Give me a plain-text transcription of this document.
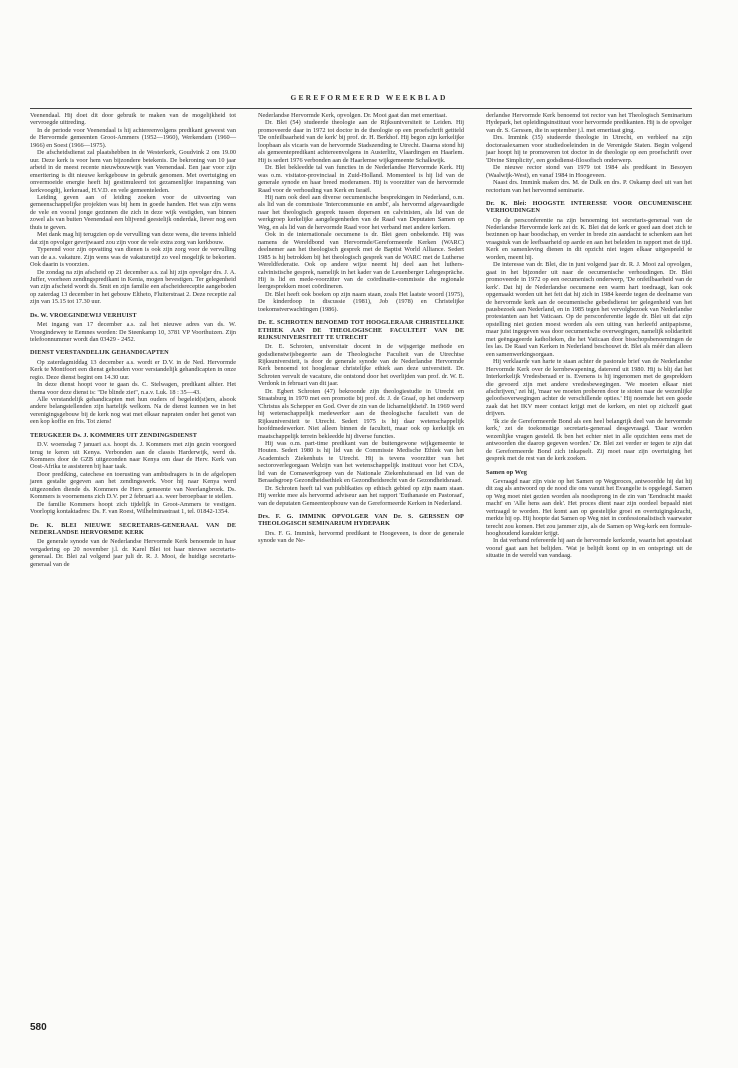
GEREFORMEERD WEEKBLAD

Veenendaal. Hij doet dit door gebruik te maken van de mogelijkheid tot vervroegde uittreding.

In de periode voor Veenendaal is hij achtereenvolgens predikant geweest van de Hervormde gemeenten Groot-Ammers (1952—1960), Werkendam (1960—1966) en Soest (1966—1975).

De afscheidsdienst zal plaatshebben in de Westerkerk, Goudvink 2 om 19.00 uur. Deze kerk is voor hem van bijzondere betekenis. De bekroning van 10 jaar arbeid in de meest recente nieuwbouwwijk van Veenendaal. Een jaar voor zijn emeritering is dit nieuwe kerkgebouw in gebruik genomen. Met overtuiging en onvermoeide energie heeft hij gestimuleerd tot gezamenlijke inspanning van kerkvoogdij, kerkeraad, H.V.D. en vele gemeenteleden.

Leiding geven aan of leiding zoeken voor de uitvoering van gemeenschappelijke projekten was bij hem in goede handen. Het was zijn wens de vele en vooral jonge gezinnen die zich in deze wijk vestigden, van binnen zowel als van buiten Veenendaal een blijvend geestelijk onderdak, liever nog een thuis te geven.

Met dank mag hij terugzien op de vervulling van deze wens, die tevens inhield dat zijn opvolger gevrijwaard zou zijn voor de vele extra zorg van kerkbouw.

Typerend voor zijn opvatting van dienen is ook zijn zorg voor de vervulling van de a.s. vakature. Zijn wens was de vakaturetijd zo veel mogelijk te bekorten. Ook daarin is voorzien.

De zondag na zijn afscheid op 21 december a.s. zal hij zijn opvolger drs. J. A. Juffer, voorheen zendingspredikant in Kenia, mogen bevestigen. Ter gelegenheid van zijn afscheid wordt ds. Smit en zijn familie een afscheidsreceptie aangeboden op zaterdag 13 december in het gebouw Eltheto, Fluiterstraat 2. Deze receptie zal zijn van 15.15 tot 17.30 uur.

Ds. W. VROEGINDEWIJ VERHUIST

Met ingang van 17 december a.s. zal het nieuwe adres van ds. W. Vroegindewey te Eemnes worden: De Steenkamp 10, 3781 VP Voorthuizen. Zijn telefoonnummer wordt dan 03429 - 2452.

DIENST VERSTANDELIJK GEHANDICAPTEN

Op zaterdagmiddag 13 december a.s. wordt er D.V. in de Ned. Hervormde Kerk te Montfoort een dienst gehouden voor verstandelijk gehandicapten in onze regio. Deze dienst begint om 14.30 uur.

In deze dienst hoopt voor te gaan ds. C. Stelwagen, predikant alhier. Het thema voor deze dienst is: "De blinde ziet", n.a.v. Luk. 18 : 35—43.

Alle verstandelijk gehandicapten met hun ouders of begeleid(st)ers, alsook andere belangstellenden zijn hartelijk welkom. Na de dienst kunnen we in het verenigingsgebouw bij de kerk nog wat met elkaar napraten onder het genot van een kop koffie en fris. Tot ziens!

TERUGKEER Ds. J. KOMMERS UIT ZENDINGSDIENST

D.V. woensdag 7 januari a.s. hoopt ds. J. Kommers met zijn gezin voorgoed terug te keren uit Kenya. Verbonden aan de classis Harderwijk, werd ds. Kommers door de GZB uitgezonden naar Kenya om daar de Herv. Kerk van Oost-Afrika te assisteren bij haar taak.

Door prediking, catechese en toerusting van ambtsdragers is in de afgelopen jaren gestalte gegeven aan het zendingswerk. Voor hij naar Kenya werd uitgezonden diende ds. Kommers de Herv. gemeente van Neerlangbroek. Ds. Kommers is voornemens zich D.V. per 2 februari a.s. weer beroepbaar te stellen.

De familie Kommers hoopt zich tijdelijk in Groot-Ammers te vestigen. Voorlopig kontaktadres: Ds. F. van Roest, Wilhelminastraat 1, tel. 01842-1354.

Dr. K. BLEI NIEUWE SECRETARIS-GENERAAL VAN DE NEDERLANDSE HERVORMDE KERK

De generale synode van de Nederlandse Hervormde Kerk benoemde in haar vergadering op 20 november j.l. dr. Karel Blei tot haar nieuwe secretaris-generaal. Dr. Blei zal volgend jaar juli dr. R. J. Mooi, de huidige secretaris-generaal van de

Nederlandse Hervormde Kerk, opvolgen. Dr. Mooi gaat dan met emeritaat.

Dr. Blei (54) studeerde theologie aan de Rijksuniversiteit te Leiden. Hij promoveerde daar in 1972 tot doctor in de theologie op een proefschrift getiteld 'De onfeilbaarheid van de kerk' bij prof. dr. H. Berkhof. Hij begon zijn kerkelijke loopbaan als vicaris van de hervormde Stadszending te Utrecht. Daarna stond hij als gemeentepredikant achtereenvolgens in Austerlitz, Vlaardingen en Haarlem. Hij is sedert 1976 verbonden aan de Haarlemse wijkgemeente Schalkwijk.

Dr. Blei bekleedde tal van functies in de Nederlandse Hervormde Kerk. Hij was o.m. visitator-provinciaal in Zuid-Holland. Momenteel is hij lid van de generale synode en haar breed moderamen. Hij is voorzitter van de hervormde Raad voor de verhouding van Kerk en Israël.

Hij nam ook deel aan diverse oecumenische besprekingen in Nederland, o.m. als lid van de commissie 'Intercommunie en ambt', als hervormd afgevaardigde naar het theologisch gesprek tussen dopersen en calvinisten, als lid van de werkgroep kerkelijke aangelegenheden van de Raad van Deputaten Samen op Weg, en als lid van de hervormde Raad voor het verband met andere kerken.

Ook in de internationale oecumene is dr. Blei geen onbekende. Hij was namens de Wereldbond van Hervormde/Gereformeerde Kerken (WARC) deelnemer aan het theologisch gesprek met de Baptist World Alliance. Sedert 1985 is hij betrokken bij het theologisch gesprek van de WARC met de Lutherse Wereldfederatie. Ook op andere wijze neemt hij deel aan het luthers-calvinistische gesprek, namelijk in het kader van de Leuenberger Lehrgespräche. Hij is lid en mede-voorzitter van de coördinatie-commissie die regionale leergesprekken moet coördineren.

Dr. Blei heeft ook boeken op zijn naam staan, zoals Het laatste woord (1975), De kinderdoop in discussie (1981), Job (1978) en Christelijke toekomstverwachtingen (1986).

Dr. E. SCHROTEN BENOEMD TOT HOOGLERAAR CHRISTELIJKE ETHIEK AAN DE THEOLOGISCHE FACULTEIT VAN DE RIJKSUNIVERSITEIT TE UTRECHT

Dr. E. Schroten, universitair docent in de wijsgerige methode en godsdienstwijsbegeerte aan de Theologische Faculteit van de Utrechtse Rijksuniversiteit, is door de generale synode van de Nederlandse Hervormde Kerk benoemd tot hoogleraar christelijke ethiek aan deze universiteit. Dr. Schroten vervult de vacature, die ontstond door het overlijden van prof. dr. W. E. Verdonk in februari van dit jaar.

Dr. Egbert Schroten (47) bekroonde zijn theologiestudie in Utrecht en Straatsburg in 1970 met een promotie bij prof. dr. J. de Graaf, op het onderwerp 'Christus als Schepper en God. Over de zin van de lichamelijkheid'. In 1969 werd hij wetenschappelijk medewerker aan de theologische faculteit van de Rijksuniversiteit te Utrecht. Sedert 1975 is hij daar wetenschappelijk hoofdmedewerker. Niet alleen binnen de faculteit, maar ook op kerkelijk en maatschappelijk terrein bekleedde hij diverse functies.

Hij was o.m. part-time predikant van de buitengewone wijkgemeente te Houten. Sedert 1980 is hij lid van de Commissie Medische Ethiek van het Academisch Ziekenhuis te Utrecht. Hij is tevens voorzitter van het sectoroverlegorgaan Welzijn van het wetenschappelijk instituut voor het CDA, lid van de Comawerkgroep van de Nationale Ziekenhuisraad en lid van de Beraadsgroep Gezondheidsethiek en Gezondheidsrecht van de Gezondheidsraad.

Dr. Schroten heeft tal van publikaties op ethisch gebied op zijn naam staan. Hij werkte mee als hervormd adviseur aan het rapport 'Euthanasie en Pastoraat', van de deputaten Gemeenteopbouw van de Gereformeerde Kerken in Nederland.

Drs. F. G. IMMINK OPVOLGER VAN Dr. S. GERSSEN OP THEOLOGISCH SEMINARIUM HYDEPARK

Drs. F. G. Immink, hervormd predikant te Hoogeveen, is door de generale synode van de Ne-

derlandse Hervormde Kerk benoemd tot rector van het Theologisch Seminarium Hydepark, het opleidingsinstituut voor hervormde predikanten. Hij is de opvolger van dr. S. Gerssen, die in september j.l. met emeritaat ging.

Drs. Immink (35) studeerde theologie in Utrecht, en verbleef na zijn doctoraalexamen voor studiedoeleinden in de Verenigde Staten. Begin volgend jaar hoopt hij te promoveren tot doctor in de theologie op een proefschrift over 'Divine Simplicity', een godsdienst-filosofisch onderwerp.

De nieuwe rector stond van 1979 tot 1984 als predikant in Besoyen (Waalwijk-West), en vanaf 1984 in Hoogeveen.

Naast drs. Immink maken drs. M. de Dulk en drs. P. Oskamp deel uit van het rectorium van het hervormd seminarie.

Dr. K. Blei: HOOGSTE INTERESSE VOOR OECUMENISCHE VERHOUDINGEN

Op de persconferentie na zijn benoeming tot secretaris-generaal van de Nederlandse Hervormde kerk zei dr. K. Blei dat de kerk er goed aan doet zich te bezinnen op haar boodschap, en verder in brede zin aandacht te schenken aan het vraagstuk van de leefbaarheid op aarde en aan het beleiden in rapport met de tijd. Kerk en samenleving dienen in dit opzicht niet tegen elkaar uitgespeeld te worden, meent hij.

De interesse van dr. Blei, die in juni volgend jaar dr. R. J. Mooi zal opvolgen, gaat in het bijzonder uit naar de oecumenische verhoudingen. Dr. Blei promoveerde in 1972 op een oecumenisch onderwerp, 'De onfeilbaarheid van de kerk'. Dat hij de Nederlandse oecumene een warm hart toedraagt, kan ook opgemaakt worden uit het feit dat hij zich in 1984 keerde tegen de deelname van de hervormde kerk aan de oecumenische gebedsdienst ter gelegenheid van het pausbezoek aan Nederland, en in 1985 tegen het vervolgbezoek van Nederlandse protestanten aan het Vaticaan. Op de persconferentie legde dr. Blei uit dat zijn opstelling niet gezien moest worden als een uiting van herleefd antipapisme, maar juist ingegeven was door oecumenische overwegingen, namelijk solidariteit met geëngageerde katholieken, die het Vaticaan door bisschopsbenoemingen de les las. De Raad van Kerken in Nederland beschouwt dr. Blei als méér dan alleen een samenwerkingsorgaan.

Hij verklaarde van harte te staan achter de pastorale brief van de Nederlandse Hervormde Kerk over de kernbewapening, daterend uit 1980. Hij is blij dat het Interkerkelijk Vredesberaad er is. Evenens is hij ingenomen met de gesprekken die gevoerd zijn met andere vredesbewegingen. 'We moeten elkaar niet afschrijven,' zei hij, 'maar we moeten proberen door te stoten naar de wezenlijke geloofsoverwegingen achter de verschillende opties.' Hij noemde het een goede zaak dat het IKV meer contact krijgt met de kerken, en niet op zichzelf gaat drijven.

'Ik zie de Gereformeerde Bond als een heel belangrijk deel van de hervormde kerk,' zei de toekomstige secretaris-generaal desgevraagd. 'Daar worden wezenlijke vragen gesteld. Ik ben het echter niet in alle opzichten eens met de antwoorden die daarop gegeven worden.' Dr. Blei zei verder er tegen te zijn dat de Gereformeerde Bond zich inkapselt. Zij moet naar zijn overtuiging het gesprek met de rest van de kerk zoeken.

Samen op Weg

Gevraagd naar zijn visie op het Samen op Wegproces, antwoordde hij dat hij dit zag als antwoord op de nood die ons vanuit het Evangelie is opgelegd. Samen op Weg moet niet gezien worden als noodsprong in de zin van 'Eendracht maakt macht' en 'Alle hens aan dek'. Het proces dient naar zijn oordeel bepaald niet vertraagd te worden. Het komt aan op geestelijke groei en overtuigingskracht, merkte hij op. Hij hoopte dat Samen op Weg niet in confessionalistisch vaarwater terecht zou komen. Het zou jammer zijn, als de Samen op Weg-kerk een formule-hooghoudend karakter krijgt.

In dat verband refereerde hij aan de hervormde kerkorde, waarin het apostolaat vooraf gaat aan het belijden. 'Wat je belijdt komt op in en ontspringt uit de situatie in de wereld van vandaag.

580
